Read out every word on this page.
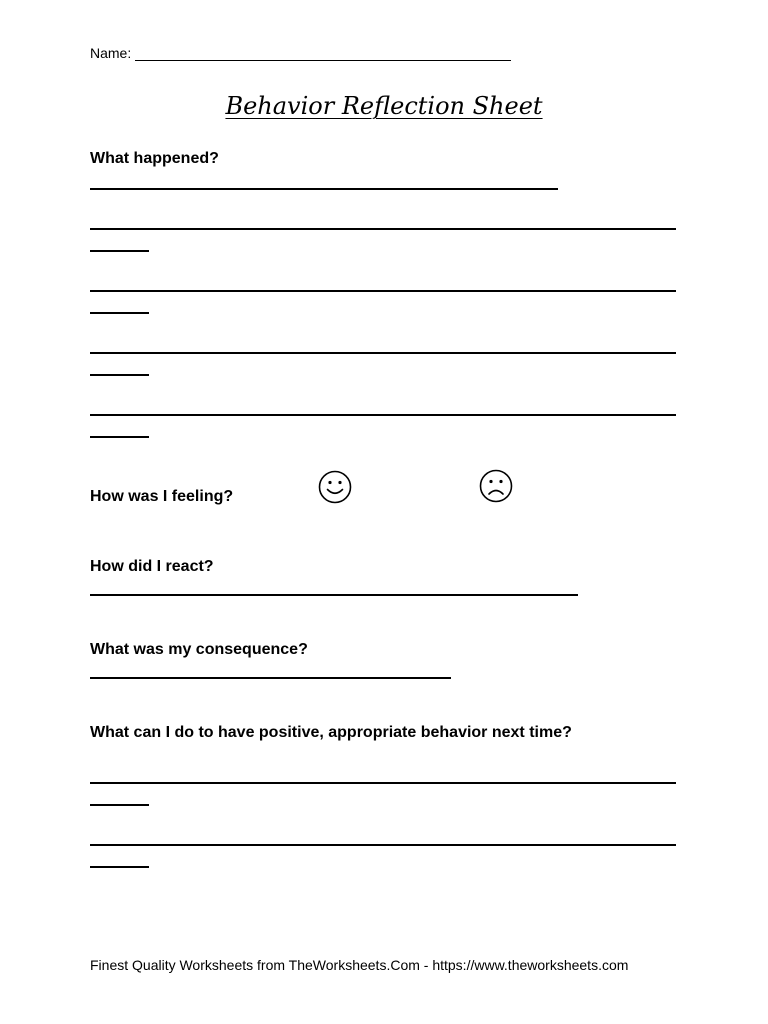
Name:
Behavior Reflection Sheet
What happened?
How was I feeling?
How did I react?
What was my consequence?
What can I do to have positive, appropriate behavior next time?
Finest Quality Worksheets from TheWorksheets.Com - https://www.theworksheets.com
